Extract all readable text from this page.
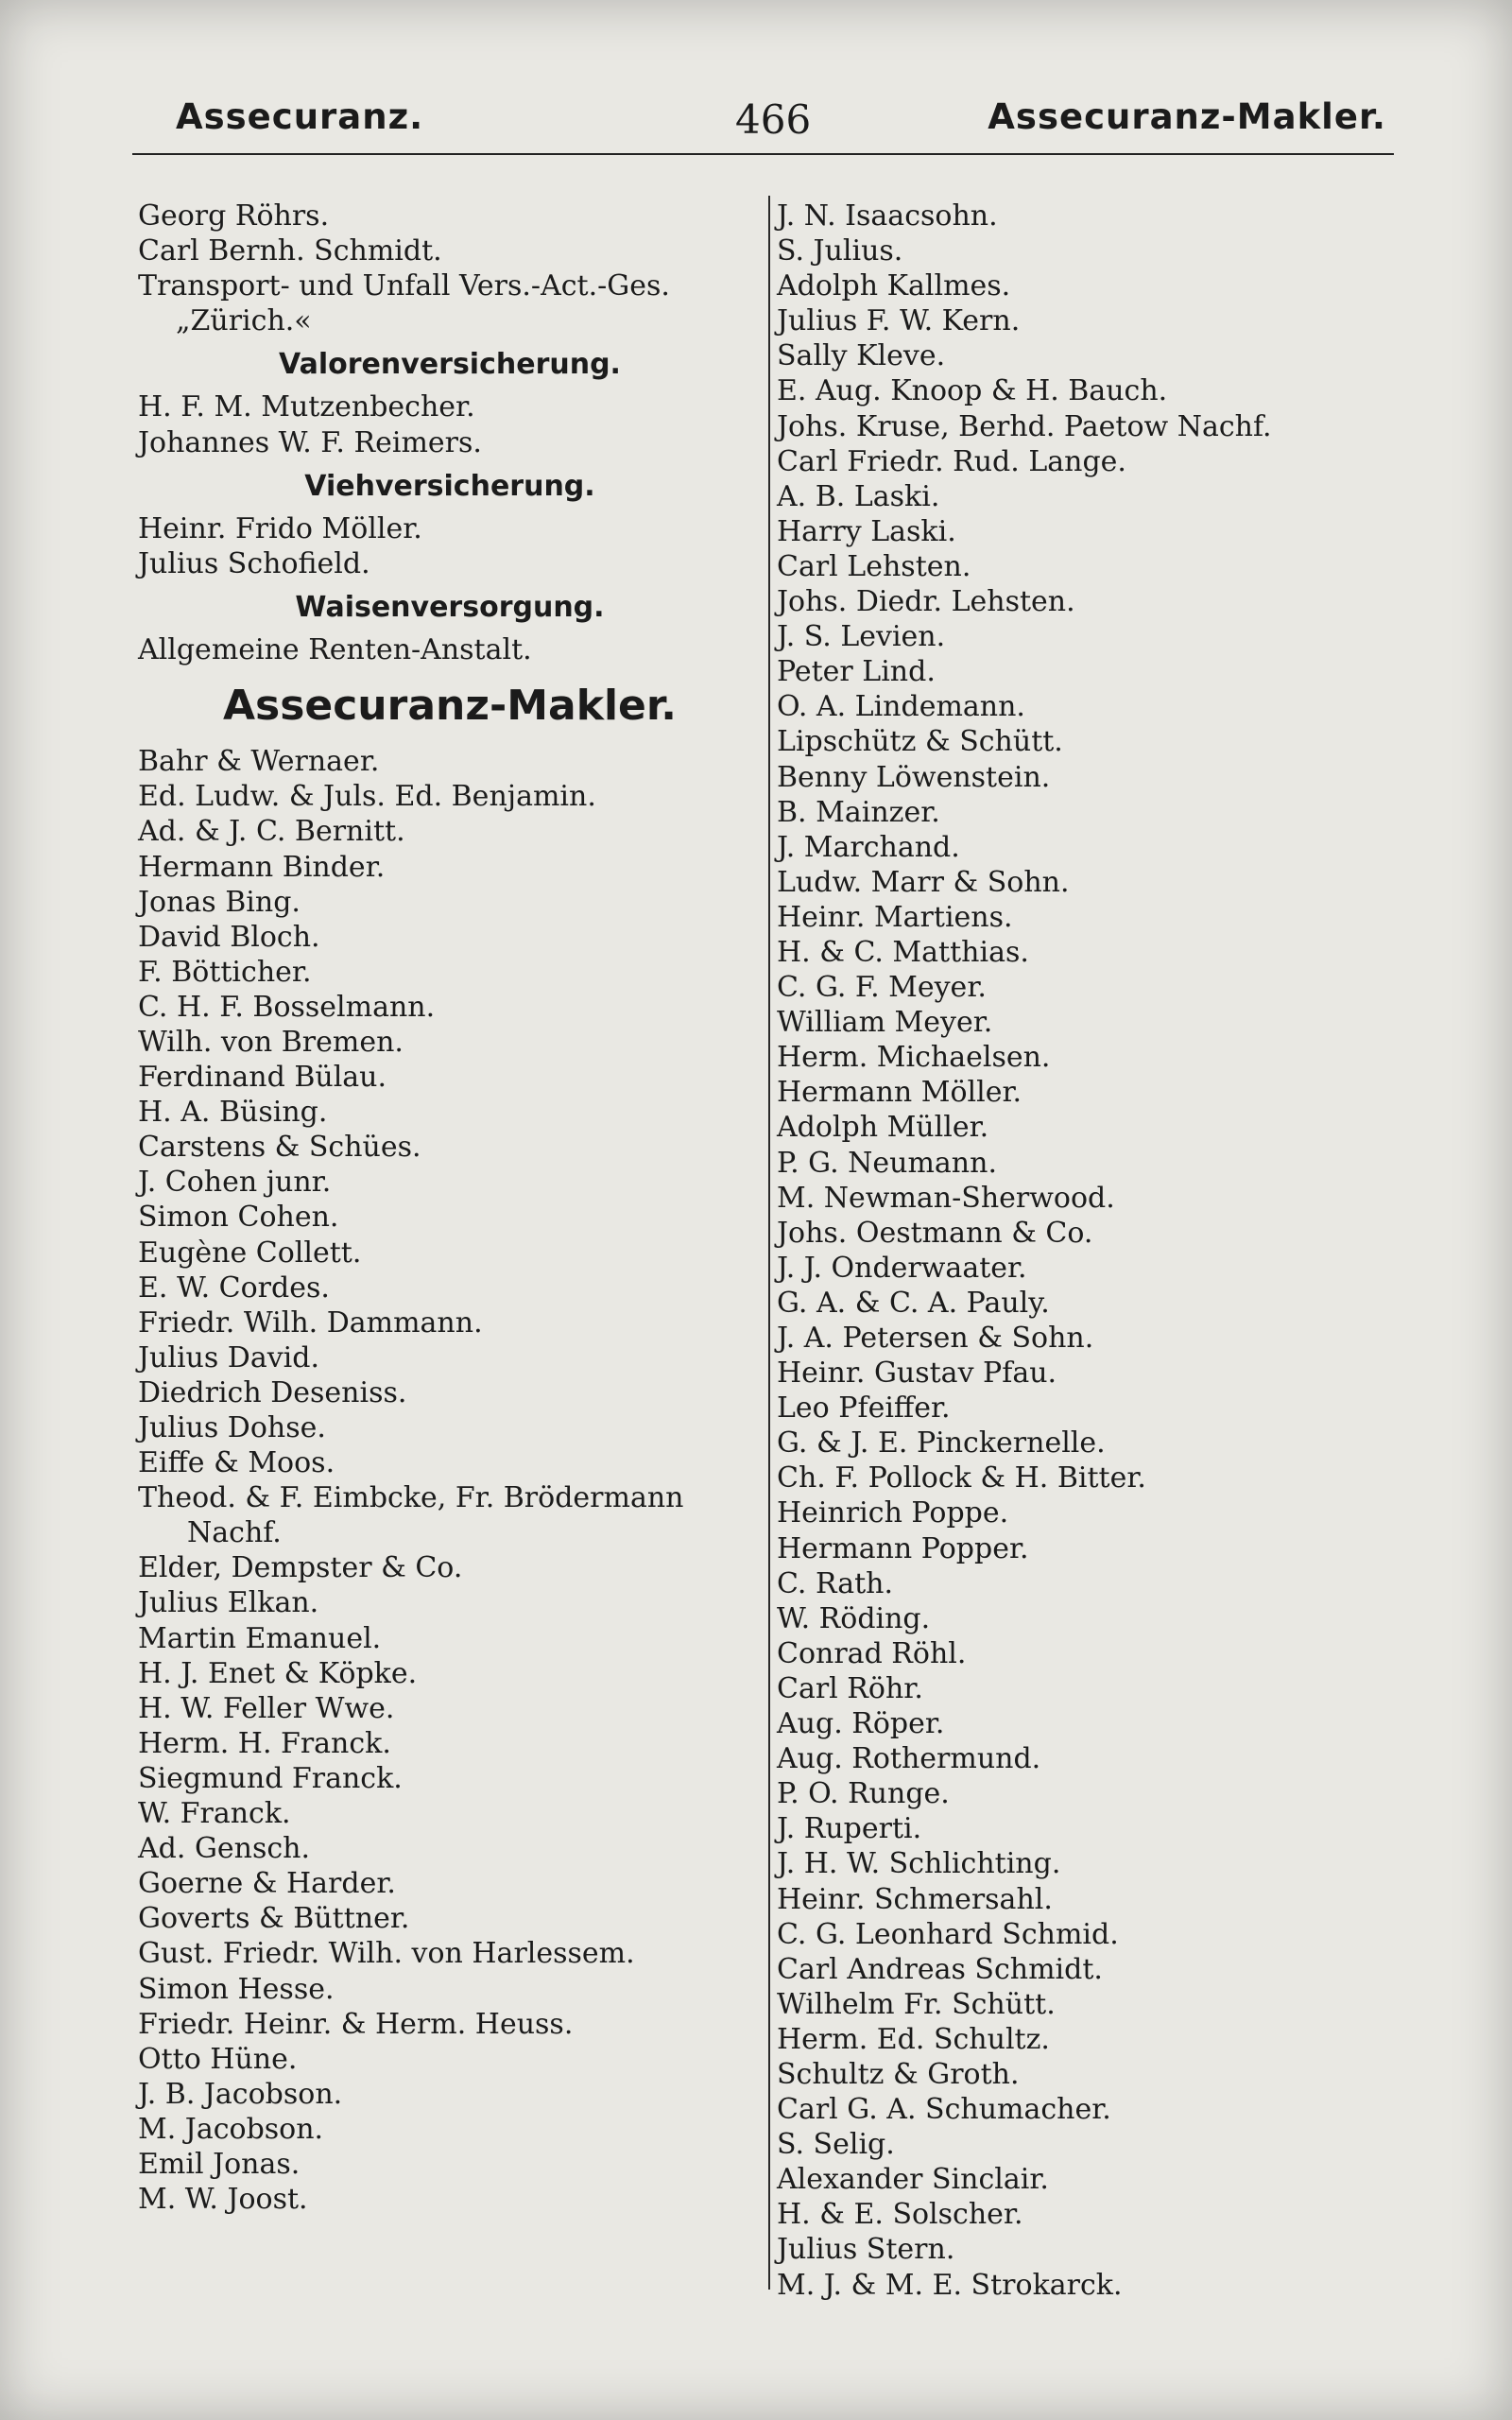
Assecuranz.	466	Assecuranz-Makler.
Georg Röhrs.
Carl Bernh. Schmidt.
Transport- und Unfall Vers.-Act.-Ges.
„Zürich.«
Valorenversicherung.
H. F. M. Mutzenbecher.
Johannes W. F. Reimers.
Viehversicherung.
Heinr. Frido Möller.
Julius Schofield.
Waisenversorgung.
Allgemeine Renten-Anstalt.
Assecuranz-Makler.
Bahr & Wernaer.
Ed. Ludw. & Juls. Ed. Benjamin.
Ad. & J. C. Bernitt.
Hermann Binder.
Jonas Bing.
David Bloch.
F. Bötticher.
C. H. F. Bosselmann.
Wilh. von Bremen.
Ferdinand Bülau.
H. A. Büsing.
Carstens & Schües.
J. Cohen junr.
Simon Cohen.
Eugène Collett.
E. W. Cordes.
Friedr. Wilh. Dammann.
Julius David.
Diedrich Deseniss.
Julius Dohse.
Eiffe & Moos.
Theod. & F. Eimbcke, Fr. Brödermann
Nachf.
Elder, Dempster & Co.
Julius Elkan.
Martin Emanuel.
H. J. Enet & Köpke.
H. W. Feller Wwe.
Herm. H. Franck.
Siegmund Franck.
W. Franck.
Ad. Gensch.
Goerne & Harder.
Goverts & Büttner.
Gust. Friedr. Wilh. von Harlessem.
Simon Hesse.
Friedr. Heinr. & Herm. Heuss.
Otto Hüne.
J. B. Jacobson.
M. Jacobson.
Emil Jonas.
M. W. Joost.
J. N. Isaacsohn.
S. Julius.
Adolph Kallmes.
Julius F. W. Kern.
Sally Kleve.
E. Aug. Knoop & H. Bauch.
Johs. Kruse, Berhd. Paetow Nachf.
Carl Friedr. Rud. Lange.
A. B. Laski.
Harry Laski.
Carl Lehsten.
Johs. Diedr. Lehsten.
J. S. Levien.
Peter Lind.
O. A. Lindemann.
Lipschütz & Schütt.
Benny Löwenstein.
B. Mainzer.
J. Marchand.
Ludw. Marr & Sohn.
Heinr. Martiens.
H. & C. Matthias.
C. G. F. Meyer.
William Meyer.
Herm. Michaelsen.
Hermann Möller.
Adolph Müller.
P. G. Neumann.
M. Newman-Sherwood.
Johs. Oestmann & Co.
J. J. Onderwaater.
G. A. & C. A. Pauly.
J. A. Petersen & Sohn.
Heinr. Gustav Pfau.
Leo Pfeiffer.
G. & J. E. Pinckernelle.
Ch. F. Pollock & H. Bitter.
Heinrich Poppe.
Hermann Popper.
C. Rath.
W. Röding.
Conrad Röhl.
Carl Röhr.
Aug. Röper.
Aug. Rothermund.
P. O. Runge.
J. Ruperti.
J. H. W. Schlichting.
Heinr. Schmersahl.
C. G. Leonhard Schmid.
Carl Andreas Schmidt.
Wilhelm Fr. Schütt.
Herm. Ed. Schultz.
Schultz & Groth.
Carl G. A. Schumacher.
S. Selig.
Alexander Sinclair.
H. & E. Solscher.
Julius Stern.
M. J. & M. E. Strokarck.
